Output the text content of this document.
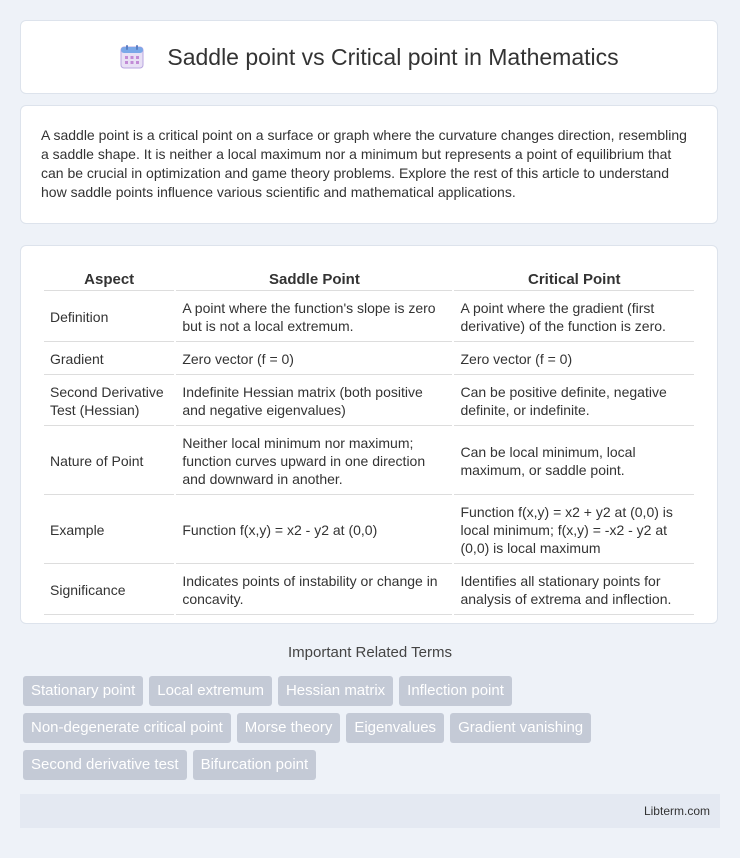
Saddle point vs Critical point in Mathematics

A saddle point is a critical point on a surface or graph where the curvature changes direction, resembling a saddle shape. It is neither a local maximum nor a minimum but represents a point of equilibrium that can be crucial in optimization and game theory problems. Explore the rest of this article to understand how saddle points influence various scientific and mathematical applications.

Aspect	Saddle Point	Critical Point
Definition	A point where the function's slope is zero but is not a local extremum.	A point where the gradient (first derivative) of the function is zero.
Gradient	Zero vector (f = 0)	Zero vector (f = 0)
Second Derivative Test (Hessian)	Indefinite Hessian matrix (both positive and negative eigenvalues)	Can be positive definite, negative definite, or indefinite.
Nature of Point	Neither local minimum nor maximum; function curves upward in one direction and downward in another.	Can be local minimum, local maximum, or saddle point.
Example	Function f(x,y) = x2 - y2 at (0,0)	Function f(x,y) = x2 + y2 at (0,0) is local minimum; f(x,y) = -x2 - y2 at (0,0) is local maximum
Significance	Indicates points of instability or change in concavity.	Identifies all stationary points for analysis of extrema and inflection.
Important Related Terms
Stationary point Local extremum Hessian matrix Inflection point
Non-degenerate critical point Morse theory Eigenvalues Gradient vanishing
Second derivative test Bifurcation point
Libterm.com
